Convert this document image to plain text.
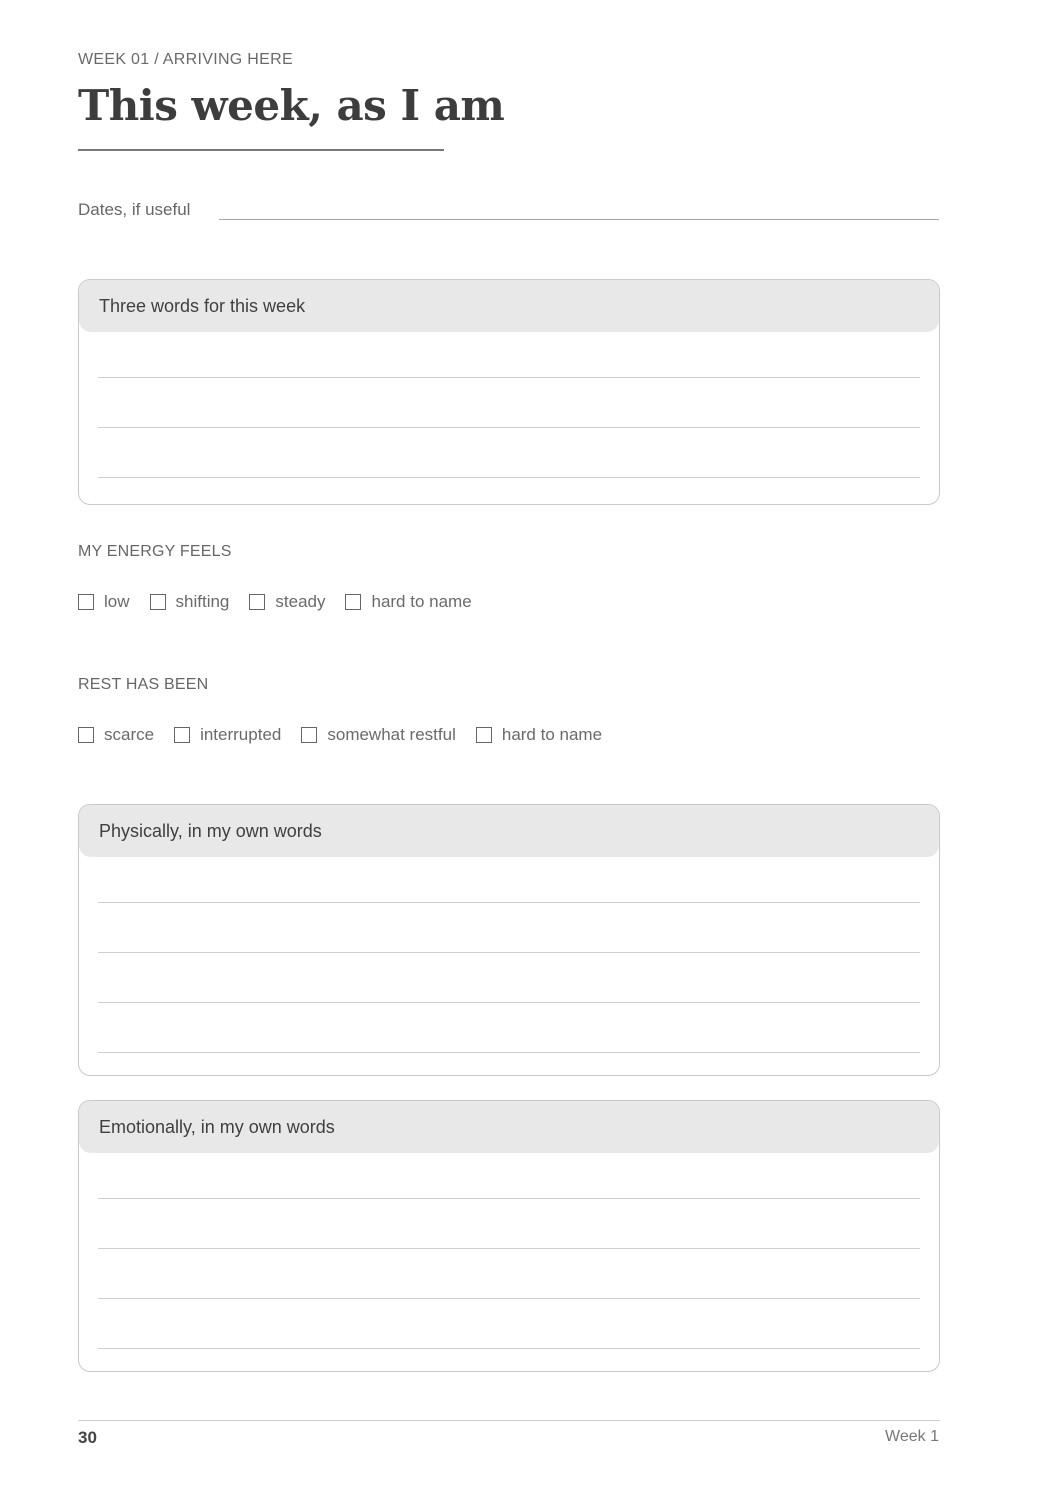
WEEK 01 / ARRIVING HERE
This week, as I am
Dates, if useful
Three words for this week
MY ENERGY FEELS
low	shifting	steady	hard to name
REST HAS BEEN
scarce	interrupted	somewhat restful	hard to name
Physically, in my own words
Emotionally, in my own words
30	Week 1
